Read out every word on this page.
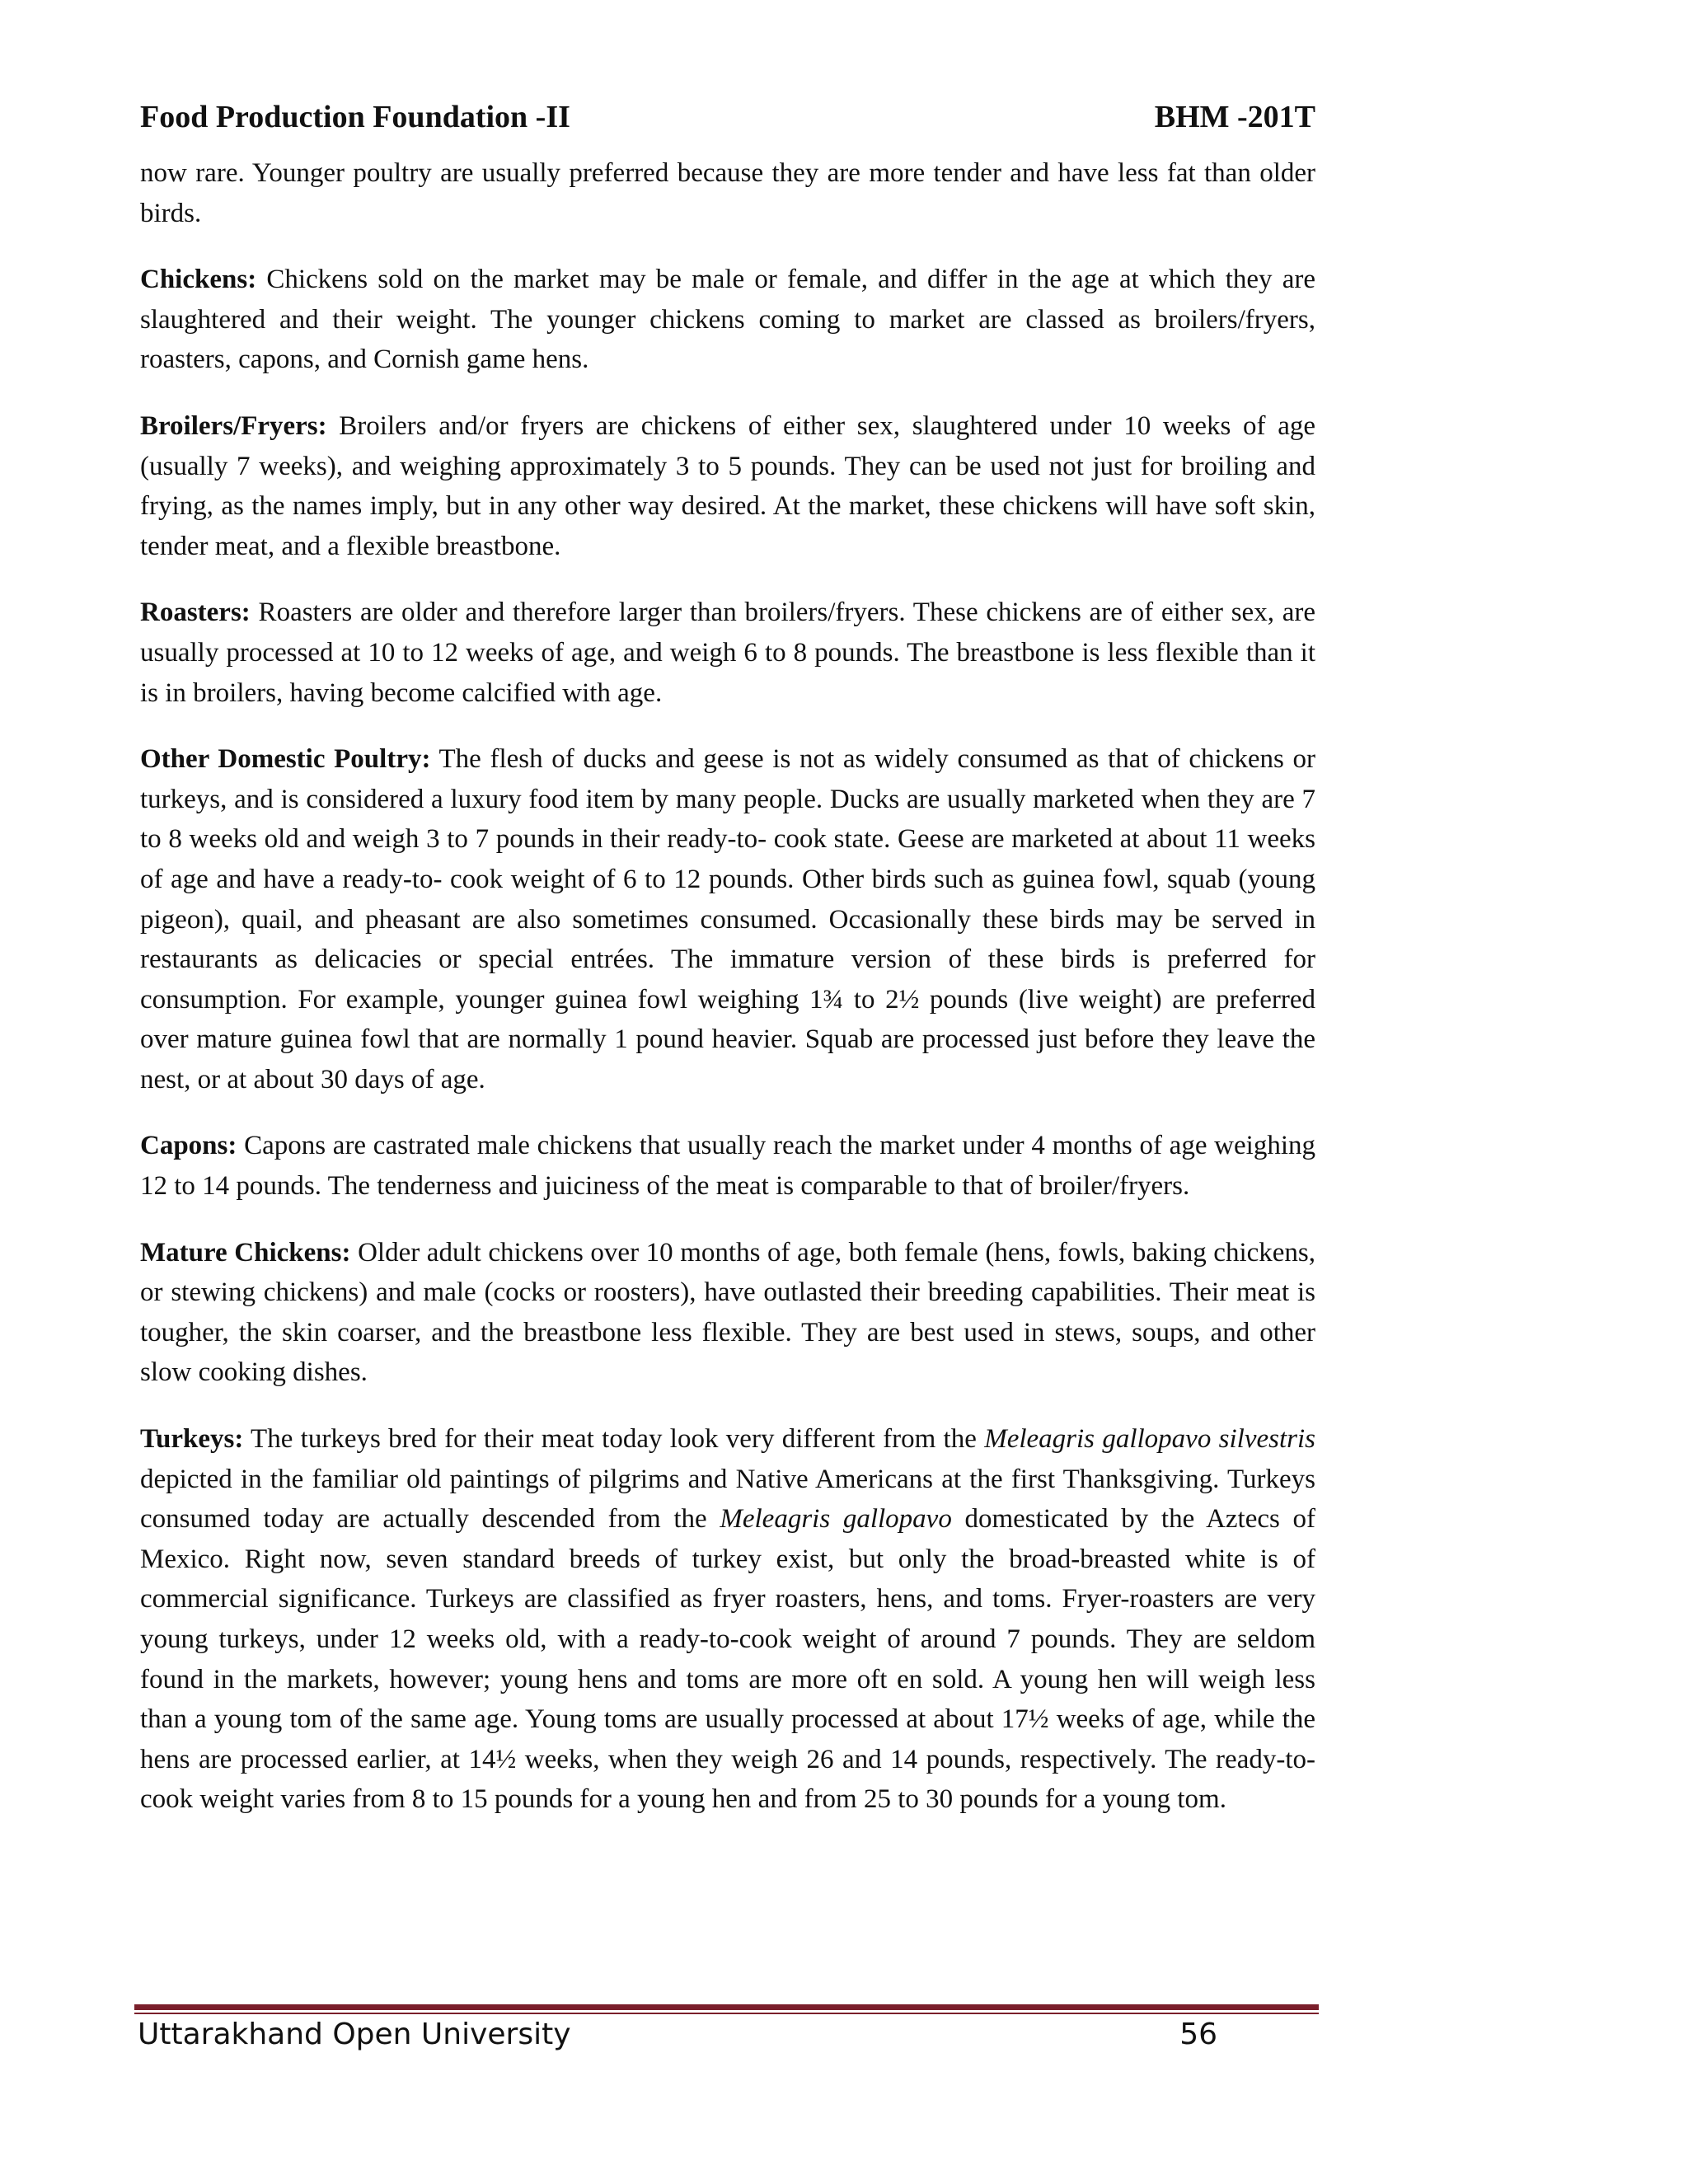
Food Production Foundation -II	BHM -201T

now rare. Younger poultry are usually preferred because they are more tender and have less fat than older birds.

Chickens: Chickens sold on the market may be male or female, and differ in the age at which they are slaughtered and their weight. The younger chickens coming to market are classed as broilers/fryers, roasters, capons, and Cornish game hens.

Broilers/Fryers: Broilers and/or fryers are chickens of either sex, slaughtered under 10 weeks of age (usually 7 weeks), and weighing approximately 3 to 5 pounds. They can be used not just for broiling and frying, as the names imply, but in any other way desired. At the market, these chickens will have soft skin, tender meat, and a flexible breastbone.

Roasters: Roasters are older and therefore larger than broilers/fryers. These chickens are of either sex, are usually processed at 10 to 12 weeks of age, and weigh 6 to 8 pounds. The breastbone is less flexible than it is in broilers, having become calcified with age.

Other Domestic Poultry: The flesh of ducks and geese is not as widely consumed as that of chickens or turkeys, and is considered a luxury food item by many people. Ducks are usually marketed when they are 7 to 8 weeks old and weigh 3 to 7 pounds in their ready-to- cook state. Geese are marketed at about 11 weeks of age and have a ready-to- cook weight of 6 to 12 pounds. Other birds such as guinea fowl, squab (young pigeon), quail, and pheasant are also sometimes consumed. Occasionally these birds may be served in restaurants as delicacies or special entrées. The immature version of these birds is preferred for consumption. For example, younger guinea fowl weighing 1¾ to 2½ pounds (live weight) are preferred over mature guinea fowl that are normally 1 pound heavier. Squab are processed just before they leave the nest, or at about 30 days of age.

Capons: Capons are castrated male chickens that usually reach the market under 4 months of age weighing 12 to 14 pounds. The tenderness and juiciness of the meat is comparable to that of broiler/fryers.

Mature Chickens: Older adult chickens over 10 months of age, both female (hens, fowls, baking chickens, or stewing chickens) and male (cocks or roosters), have outlasted their breeding capabilities. Their meat is tougher, the skin coarser, and the breastbone less flexible. They are best used in stews, soups, and other slow cooking dishes.

Turkeys: The turkeys bred for their meat today look very different from the Meleagris gallopavo silvestris depicted in the familiar old paintings of pilgrims and Native Americans at the first Thanksgiving. Turkeys consumed today are actually descended from the Meleagris gallopavo domesticated by the Aztecs of Mexico. Right now, seven standard breeds of turkey exist, but only the broad-breasted white is of commercial significance. Turkeys are classified as fryer roasters, hens, and toms. Fryer-roasters are very young turkeys, under 12 weeks old, with a ready-to-cook weight of around 7 pounds. They are seldom found in the markets, however; young hens and toms are more oft en sold. A young hen will weigh less than a young tom of the same age. Young toms are usually processed at about 17½ weeks of age, while the hens are processed earlier, at 14½ weeks, when they weigh 26 and 14 pounds, respectively. The ready-to-cook weight varies from 8 to 15 pounds for a young hen and from 25 to 30 pounds for a young tom.

Uttarakhand Open University	56
